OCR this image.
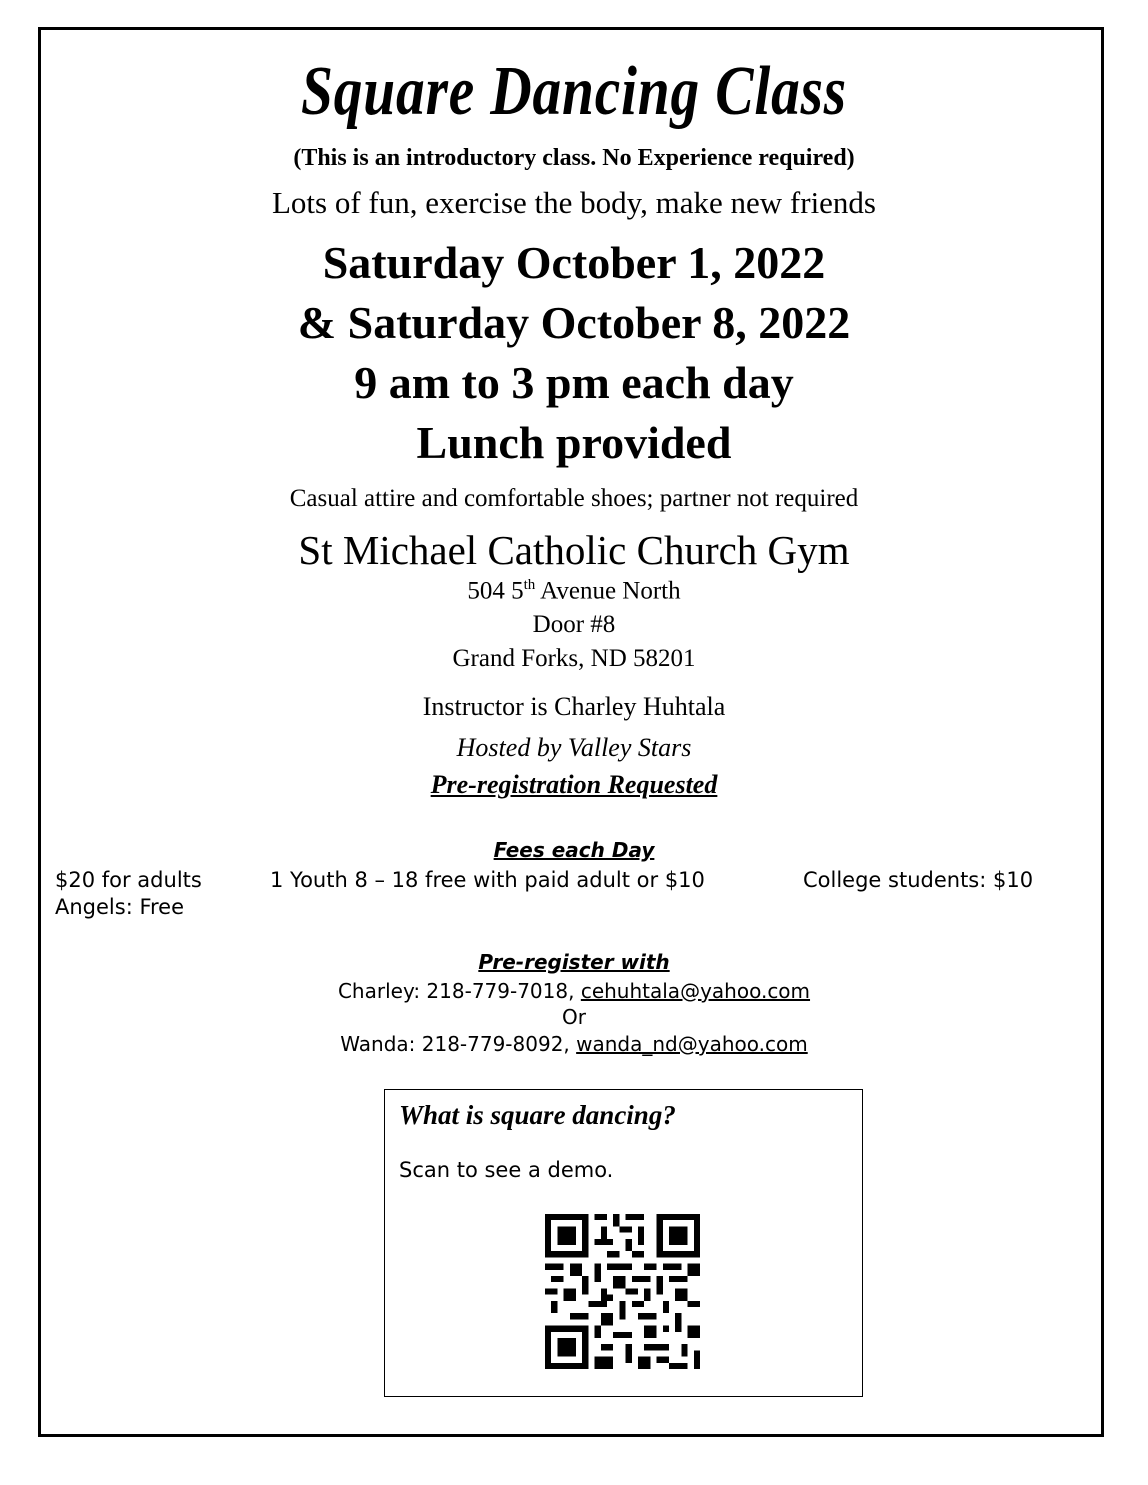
Square Dancing Class
(This is an introductory class. No Experience required)
Lots of fun, exercise the body, make new friends
Saturday October 1, 2022
& Saturday October 8, 2022
9 am to 3 pm each day
Lunch provided
Casual attire and comfortable shoes; partner not required
St Michael Catholic Church Gym
504 5th Avenue North
Door #8
Grand Forks, ND 58201
Instructor is Charley Huhtala
Hosted by Valley Stars
Pre-registration Requested
Fees each Day
$20 for adults	1 Youth 8 – 18 free with paid adult or $10	College students: $10
Angels: Free
Pre-register with
Charley: 218-779-7018, cehuhtala@yahoo.com
Or
Wanda: 218-779-8092, wanda_nd@yahoo.com
What is square dancing?
Scan to see a demo.
